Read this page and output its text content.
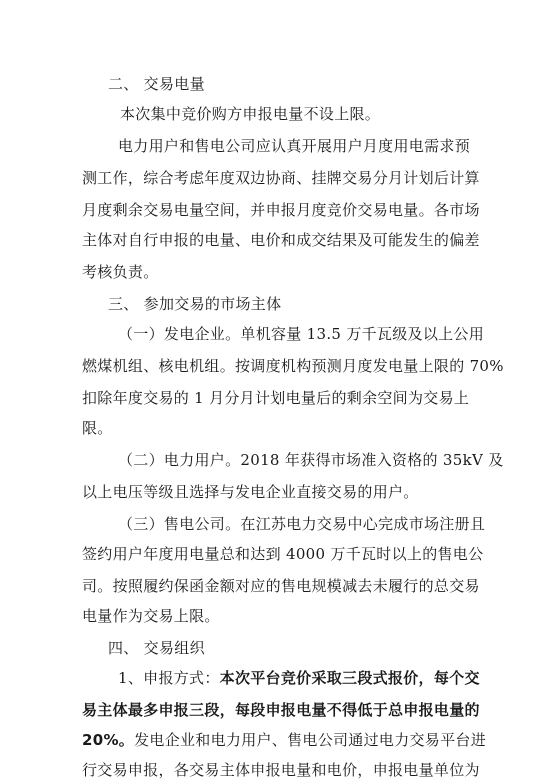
二、 交易电量
本次集中竞价购方申报电量不设上限。
电力用户和售电公司应认真开展用户月度用电需求预
测工作，综合考虑年度双边协商、挂牌交易分月计划后计算
月度剩余交易电量空间，并申报月度竞价交易电量。各市场
主体对自行申报的电量、电价和成交结果及可能发生的偏差
考核负责。
三、 参加交易的市场主体
（一）发电企业。单机容量 13.5 万千瓦级及以上公用
燃煤机组、核电机组。按调度机构预测月度发电量上限的 70%
扣除年度交易的 1 月分月计划电量后的剩余空间为交易上
限。
（二）电力用户。2018 年获得市场准入资格的 35kV 及
以上电压等级且选择与发电企业直接交易的用户。
（三）售电公司。在江苏电力交易中心完成市场注册且
签约用户年度用电量总和达到 4000 万千瓦时以上的售电公
司。按照履约保函金额对应的售电规模减去未履行的总交易
电量作为交易上限。
四、 交易组织
1、申报方式：本次平台竞价采取三段式报价，每个交
易主体最多申报三段，每段申报电量不得低于总申报电量的
20%。发电企业和电力用户、售电公司通过电力交易平台进
行交易申报，各交易主体申报电量和电价，申报电量单位为
